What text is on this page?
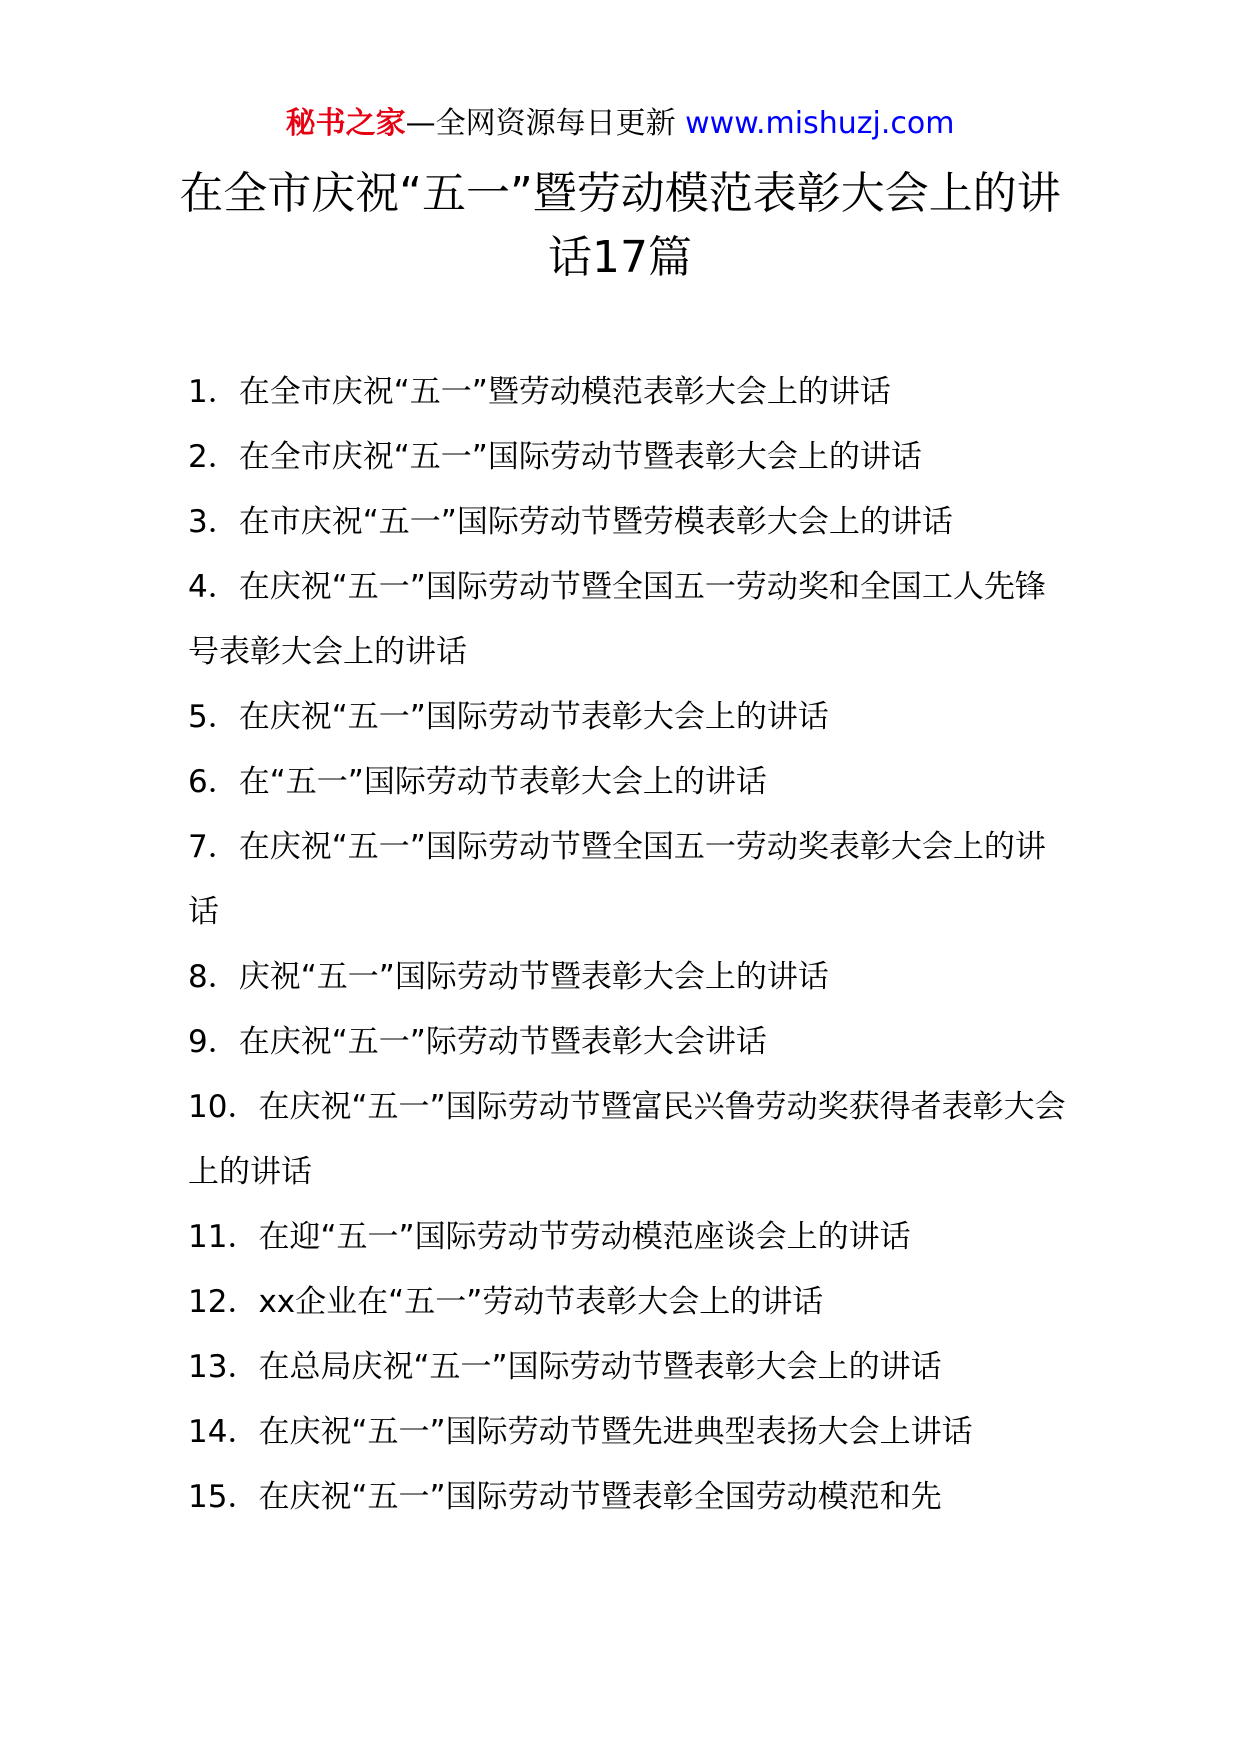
秘书之家—全网资源每日更新 www.mishuzj.com
在全市庆祝“五一”暨劳动模范表彰大会上的讲话17篇
1．在全市庆祝“五一”暨劳动模范表彰大会上的讲话
2．在全市庆祝“五一”国际劳动节暨表彰大会上的讲话
3．在市庆祝“五一”国际劳动节暨劳模表彰大会上的讲话
4．在庆祝“五一”国际劳动节暨全国五一劳动奖和全国工人先锋号表彰大会上的讲话
5．在庆祝“五一”国际劳动节表彰大会上的讲话
6．在“五一”国际劳动节表彰大会上的讲话
7．在庆祝“五一”国际劳动节暨全国五一劳动奖表彰大会上的讲话
8．庆祝“五一”国际劳动节暨表彰大会上的讲话
9．在庆祝“五一”际劳动节暨表彰大会讲话
10．在庆祝“五一”国际劳动节暨富民兴鲁劳动奖获得者表彰大会上的讲话
11．在迎“五一”国际劳动节劳动模范座谈会上的讲话
12．xx企业在“五一”劳动节表彰大会上的讲话
13．在总局庆祝“五一”国际劳动节暨表彰大会上的讲话
14．在庆祝“五一”国际劳动节暨先进典型表扬大会上讲话
15．在庆祝“五一”国际劳动节暨表彰全国劳动模范和先
